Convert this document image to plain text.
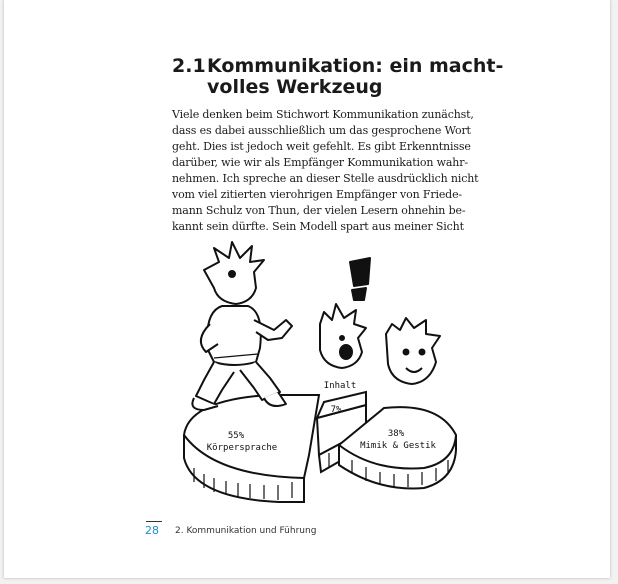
2.1 Kommunikation: ein macht-
volles Werkzeug
Viele denken beim Stichwort Kommunikation zunächst,
dass es dabei ausschließlich um das gesprochene Wort
geht. Dies ist jedoch weit gefehlt. Es gibt Erkenntnisse
darüber, wie wir als Empfänger Kommunikation wahr-
nehmen. Ich spreche an dieser Stelle ausdrücklich nicht
vom viel zitierten vierohrigen Empfänger von Friede-
mann Schulz von Thun, der vielen Lesern ohnehin be-
kannt sein dürfte. Sein Modell spart aus meiner Sicht
55%
Körpersprache
Inhalt
7%
38%
Mimik & Gestik
28 2. Kommunikation und Führung
